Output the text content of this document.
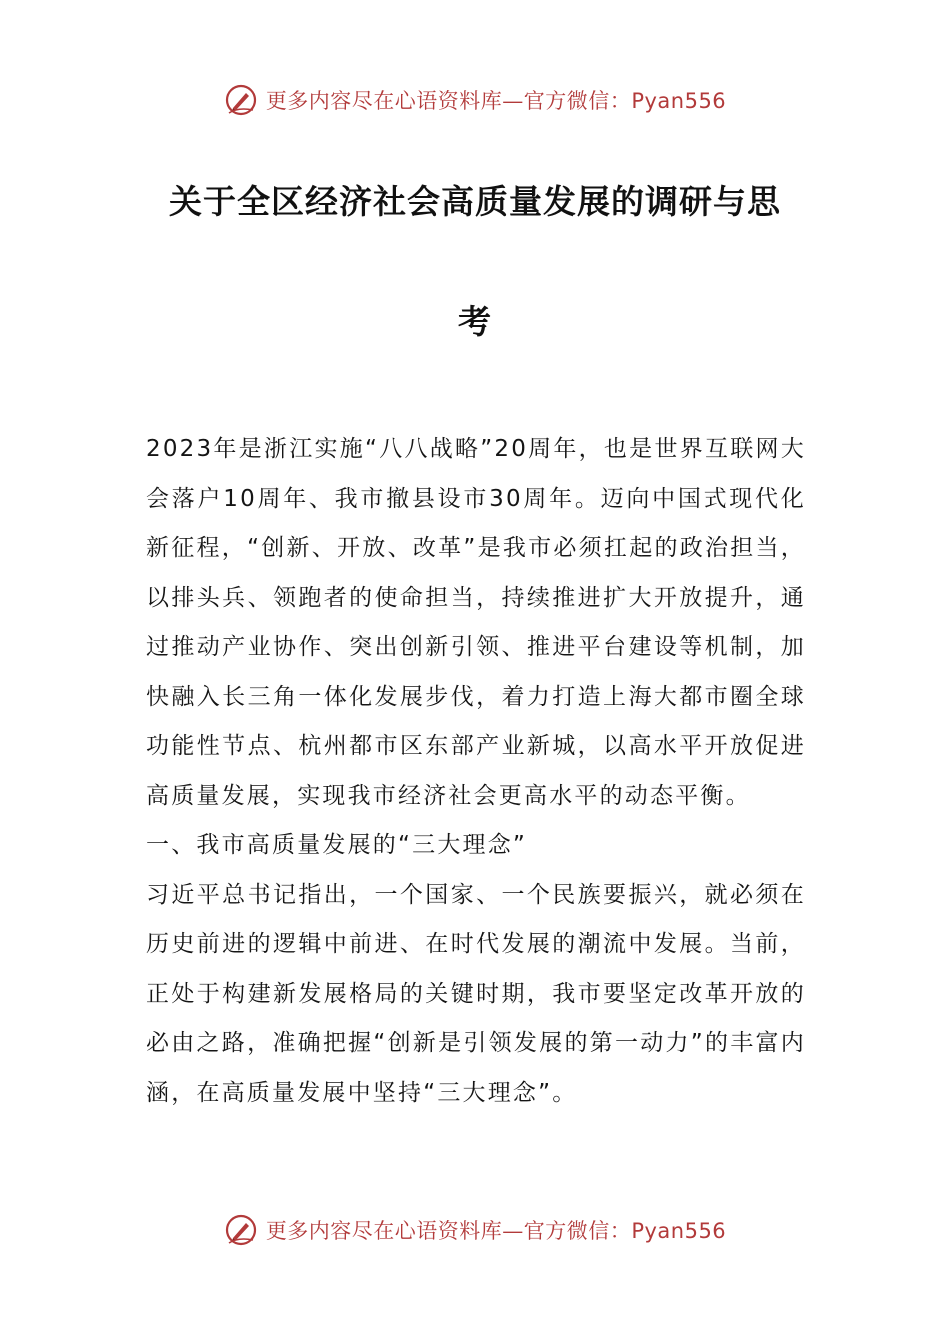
更多内容尽在心语资料库—官方微信：Pyan556
关于全区经济社会高质量发展的调研与思
考

2023年是浙江实施“八八战略”20周年，也是世界互联网大会落户10周年、我市撤县设市30周年。迈向中国式现代化新征程，“创新、开放、改革”是我市必须扛起的政治担当，以排头兵、领跑者的使命担当，持续推进扩大开放提升，通过推动产业协作、突出创新引领、推进平台建设等机制，加快融入长三角一体化发展步伐，着力打造上海大都市圈全球功能性节点、杭州都市区东部产业新城，以高水平开放促进高质量发展，实现我市经济社会更高水平的动态平衡。

一、我市高质量发展的“三大理念”

习近平总书记指出，一个国家、一个民族要振兴，就必须在历史前进的逻辑中前进、在时代发展的潮流中发展。当前，正处于构建新发展格局的关键时期，我市要坚定改革开放的必由之路，准确把握“创新是引领发展的第一动力”的丰富内涵，在高质量发展中坚持“三大理念”。

更多内容尽在心语资料库—官方微信：Pyan556
